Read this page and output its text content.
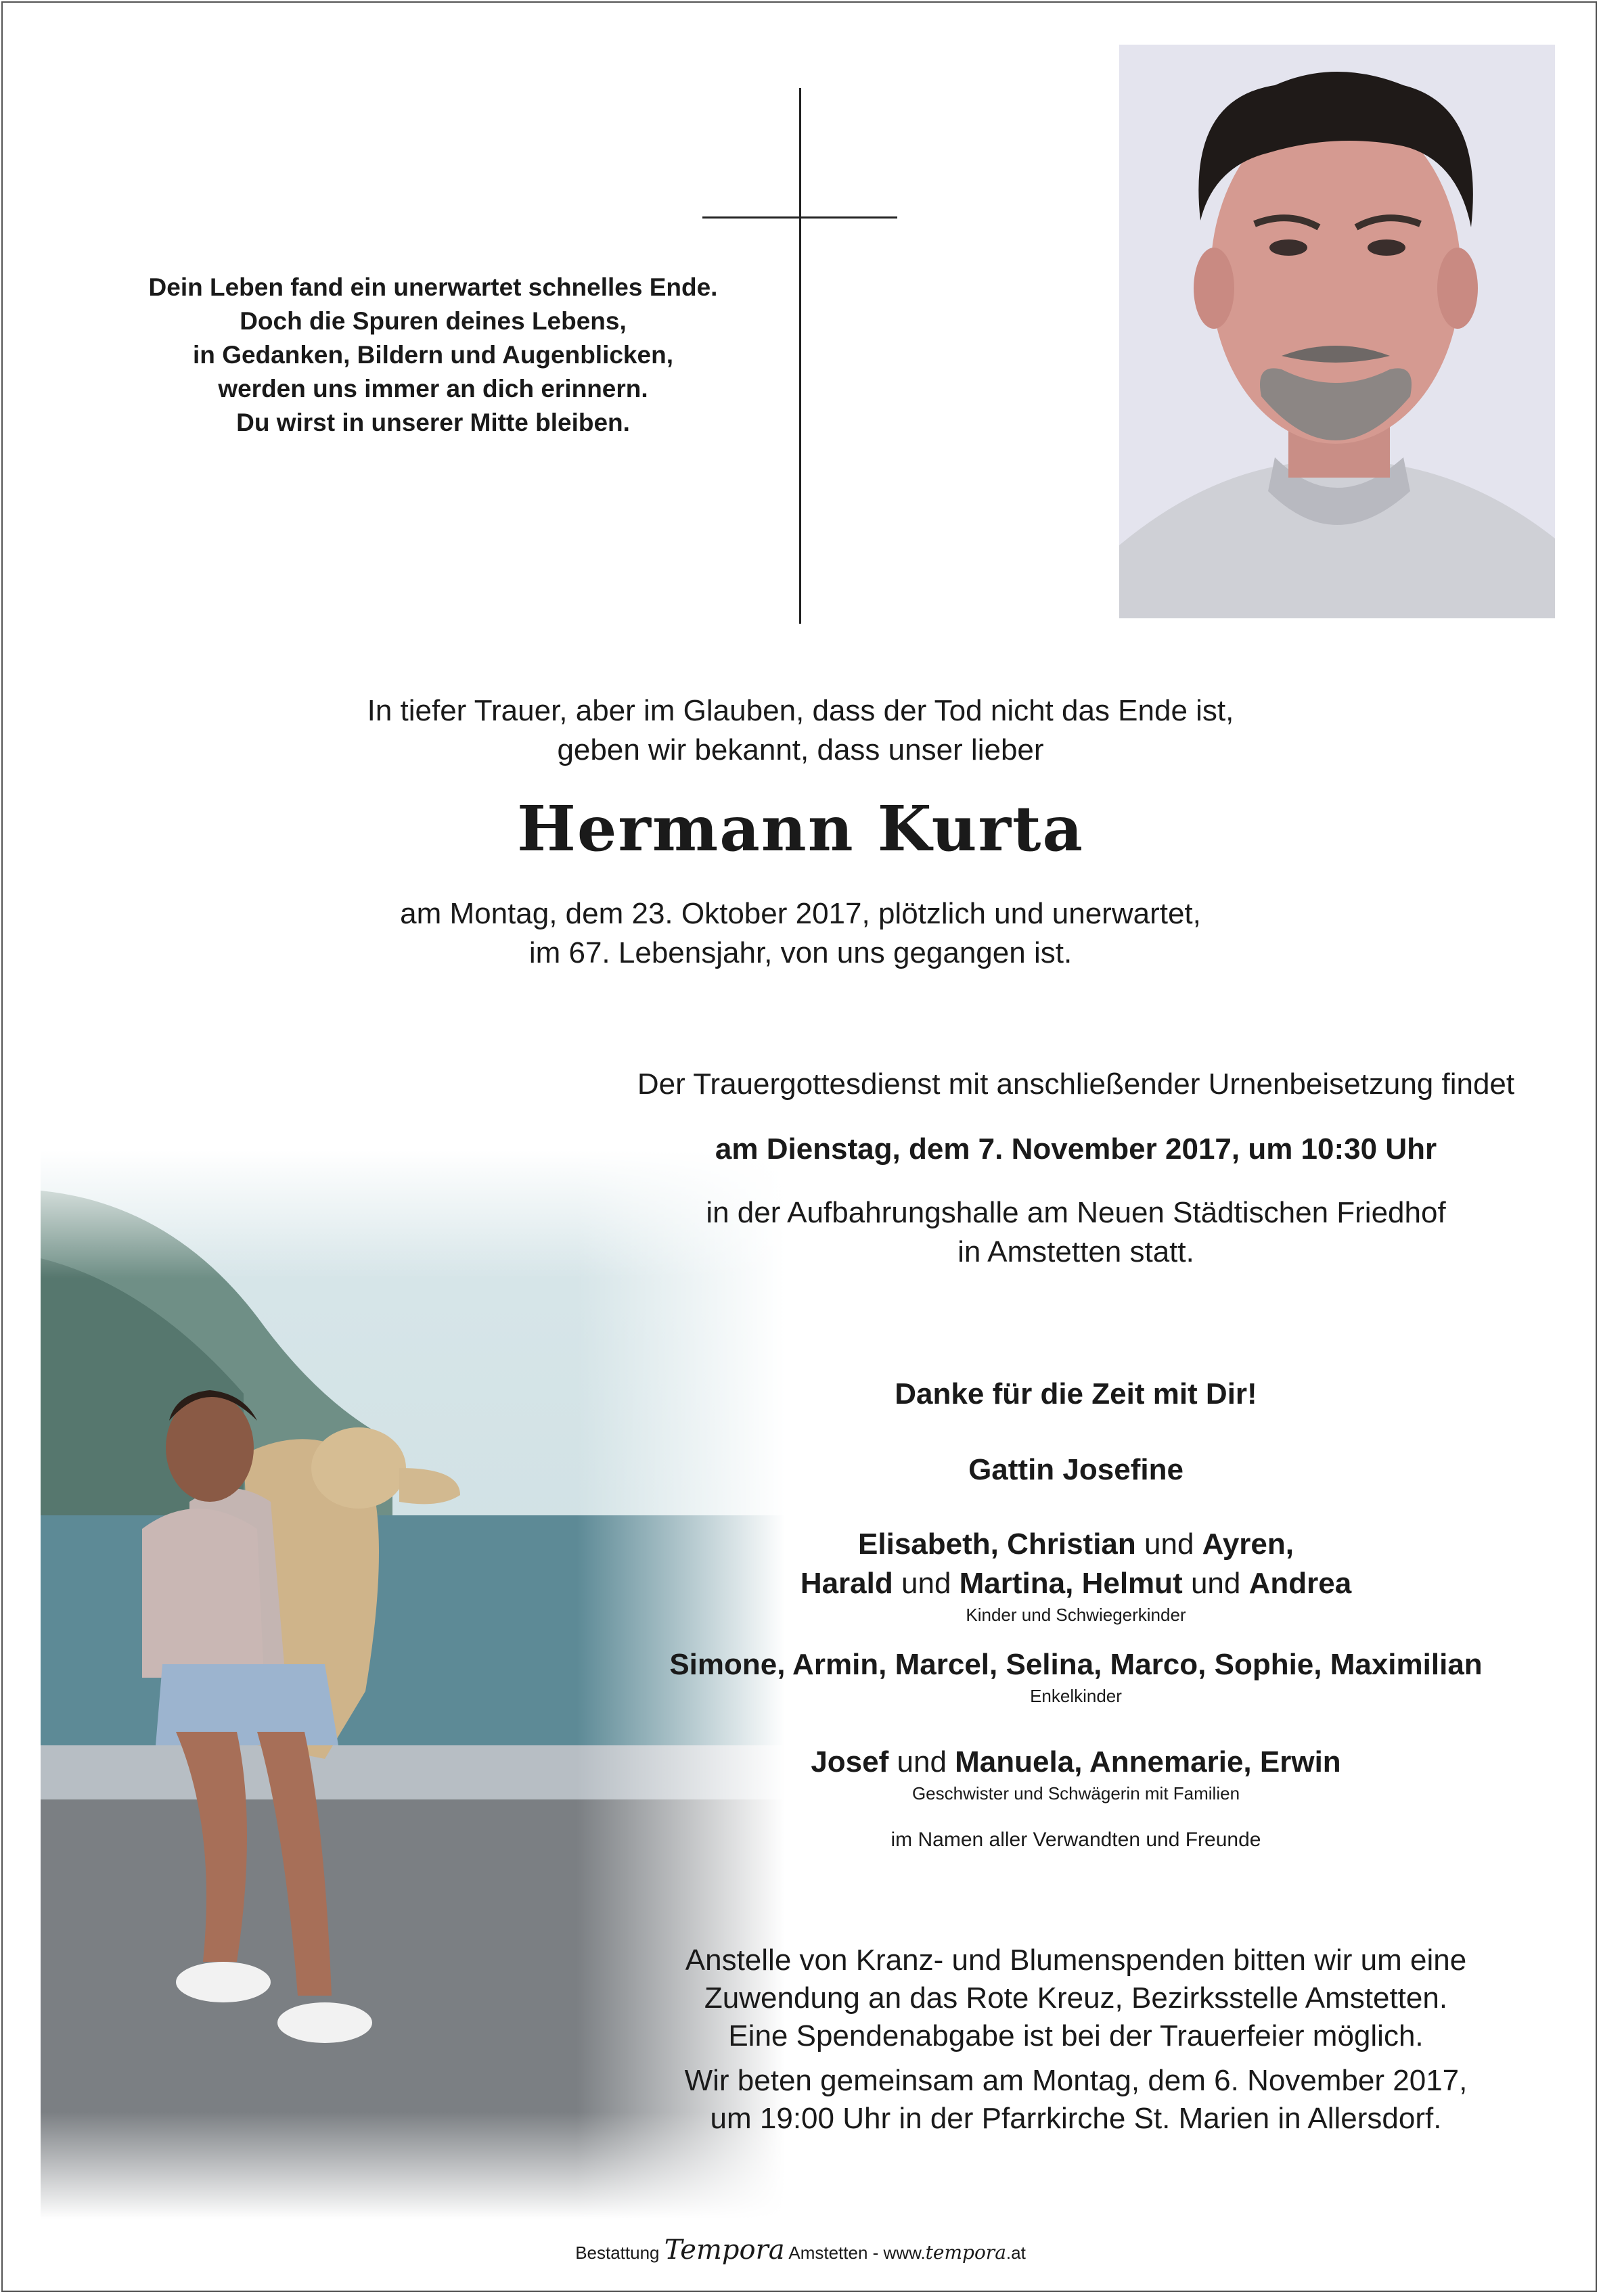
Dein Leben fand ein unerwartet schnelles Ende.
Doch die Spuren deines Lebens,
in Gedanken, Bildern und Augenblicken,
werden uns immer an dich erinnern.
Du wirst in unserer Mitte bleiben.
In tiefer Trauer, aber im Glauben, dass der Tod nicht das Ende ist,
geben wir bekannt, dass unser lieber
Hermann Kurta
am Montag, dem 23. Oktober 2017, plötzlich und unerwartet,
im 67. Lebensjahr, von uns gegangen ist.
Der Trauergottesdienst mit anschließender Urnenbeisetzung findet
am Dienstag, dem 7. November 2017, um 10:30 Uhr
in der Aufbahrungshalle am Neuen Städtischen Friedhof
in Amstetten statt.
Danke für die Zeit mit Dir!
Gattin Josefine
Elisabeth, Christian und Ayren,
Harald und Martina, Helmut und Andrea
Kinder und Schwiegerkinder
Simone, Armin, Marcel, Selina, Marco, Sophie, Maximilian
Enkelkinder
Josef und Manuela, Annemarie, Erwin
Geschwister und Schwägerin mit Familien
im Namen aller Verwandten und Freunde
Anstelle von Kranz- und Blumenspenden bitten wir um eine
Zuwendung an das Rote Kreuz, Bezirksstelle Amstetten.
Eine Spendenabgabe ist bei der Trauerfeier möglich.
Wir beten gemeinsam am Montag, dem 6. November 2017,
um 19:00 Uhr in der Pfarrkirche St. Marien in Allersdorf.
Bestattung Tempora Amstetten - www.tempora.at
